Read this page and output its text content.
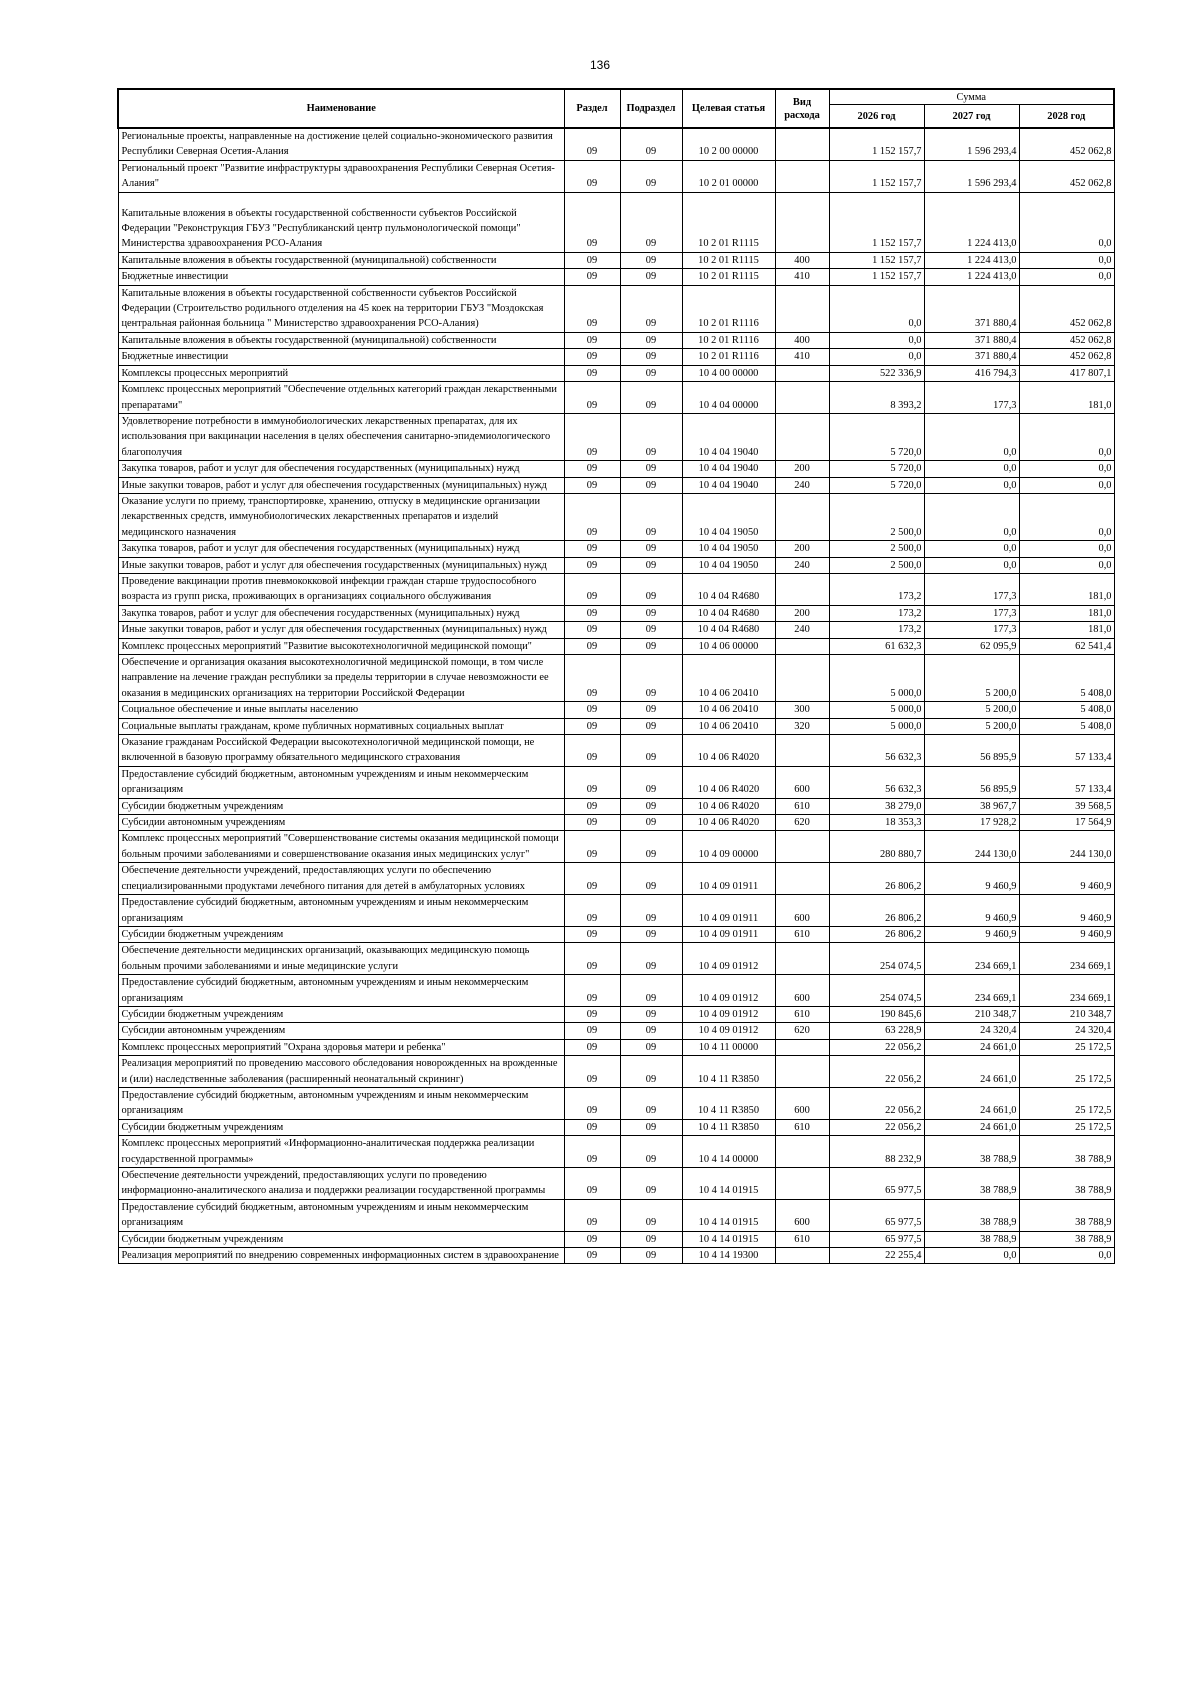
136
Наименование	Раздел	Подраздел	Целевая статья	Вид расхода	Сумма		
					2026 год	2027 год	2028 год
Региональные проекты, направленные на достижение целей социально-экономического развития Республики Северная Осетия-Алания	09	09	10 2 00 00000		1 152 157,7	1 596 293,4	452 062,8
Региональный проект "Развитие инфраструктуры здравоохранения Республики Северная Осетия-Алания"	09	09	10 2 01 00000		1 152 157,7	1 596 293,4	452 062,8
Капитальные вложения в объекты государственной собственности субъектов Российской Федерации "Реконструкция ГБУЗ "Республиканский центр пульмонологической помощи" Министерства здравоохранения РСО-Алания	09	09	10 2 01 R1115		1 152 157,7	1 224 413,0	0,0
Капитальные вложения в объекты государственной (муниципальной) собственности	09	09	10 2 01 R1115	400	1 152 157,7	1 224 413,0	0,0
Бюджетные инвестиции	09	09	10 2 01 R1115	410	1 152 157,7	1 224 413,0	0,0
Капитальные вложения в объекты государственной собственности субъектов Российской Федерации (Строительство родильного отделения на 45 коек на территории ГБУЗ "Моздокская центральная районная больница " Министерство здравоохранения РСО-Алания)	09	09	10 2 01 R1116		0,0	371 880,4	452 062,8
Капитальные вложения в объекты государственной (муниципальной) собственности	09	09	10 2 01 R1116	400	0,0	371 880,4	452 062,8
Бюджетные инвестиции	09	09	10 2 01 R1116	410	0,0	371 880,4	452 062,8
Комплексы процессных мероприятий	09	09	10 4 00 00000		522 336,9	416 794,3	417 807,1
Комплекс процессных мероприятий "Обеспечение отдельных категорий граждан лекарственными препаратами"	09	09	10 4 04 00000		8 393,2	177,3	181,0
Удовлетворение потребности в иммунобиологических лекарственных препаратах, для их использования при вакцинации населения в целях обеспечения санитарно-эпидемиологического благополучия	09	09	10 4 04 19040		5 720,0	0,0	0,0
Закупка товаров, работ и услуг для обеспечения государственных (муниципальных) нужд	09	09	10 4 04 19040	200	5 720,0	0,0	0,0
Иные закупки товаров, работ и услуг для обеспечения государственных (муниципальных) нужд	09	09	10 4 04 19040	240	5 720,0	0,0	0,0
Оказание услуги по приему, транспортировке, хранению, отпуску в медицинские организации лекарственных средств, иммунобиологических лекарственных препаратов и изделий медицинского назначения	09	09	10 4 04 19050		2 500,0	0,0	0,0
Закупка товаров, работ и услуг для обеспечения государственных (муниципальных) нужд	09	09	10 4 04 19050	200	2 500,0	0,0	0,0
Иные закупки товаров, работ и услуг для обеспечения государственных (муниципальных) нужд	09	09	10 4 04 19050	240	2 500,0	0,0	0,0
Проведение вакцинации против пневмококковой инфекции граждан старше трудоспособного возраста из групп риска, проживающих в организациях социального обслуживания	09	09	10 4 04 R4680		173,2	177,3	181,0
Закупка товаров, работ и услуг для обеспечения государственных (муниципальных) нужд	09	09	10 4 04 R4680	200	173,2	177,3	181,0
Иные закупки товаров, работ и услуг для обеспечения государственных (муниципальных) нужд	09	09	10 4 04 R4680	240	173,2	177,3	181,0
Комплекс процессных мероприятий "Развитие высокотехнологичной медицинской помощи"	09	09	10 4 06 00000		61 632,3	62 095,9	62 541,4
Обеспечение и организация оказания высокотехнологичной медицинской помощи, в том числе направление на лечение граждан республики за пределы территории в случае невозможности ее оказания в медицинских организациях на территории Российской Федерации	09	09	10 4 06 20410		5 000,0	5 200,0	5 408,0
Социальное обеспечение и иные выплаты населению	09	09	10 4 06 20410	300	5 000,0	5 200,0	5 408,0
Социальные выплаты гражданам, кроме публичных нормативных социальных выплат	09	09	10 4 06 20410	320	5 000,0	5 200,0	5 408,0
Оказание гражданам Российской Федерации высокотехнологичной медицинской помощи, не включенной в базовую программу обязательного медицинского страхования	09	09	10 4 06 R4020		56 632,3	56 895,9	57 133,4
Предоставление субсидий бюджетным, автономным учреждениям и иным некоммерческим организациям	09	09	10 4 06 R4020	600	56 632,3	56 895,9	57 133,4
Субсидии бюджетным учреждениям	09	09	10 4 06 R4020	610	38 279,0	38 967,7	39 568,5
Субсидии автономным учреждениям	09	09	10 4 06 R4020	620	18 353,3	17 928,2	17 564,9
Комплекс процессных мероприятий "Совершенствование системы оказания медицинской помощи больным прочими заболеваниями и совершенствование оказания иных медицинских услуг"	09	09	10 4 09 00000		280 880,7	244 130,0	244 130,0
Обеспечение деятельности учреждений, предоставляющих услуги по обеспечению специализированными продуктами лечебного питания для детей в амбулаторных условиях	09	09	10 4 09 01911		26 806,2	9 460,9	9 460,9
Предоставление субсидий бюджетным, автономным учреждениям и иным некоммерческим организациям	09	09	10 4 09 01911	600	26 806,2	9 460,9	9 460,9
Субсидии бюджетным учреждениям	09	09	10 4 09 01911	610	26 806,2	9 460,9	9 460,9
Обеспечение деятельности медицинских организаций, оказывающих медицинскую помощь больным прочими заболеваниями и иные медицинские услуги	09	09	10 4 09 01912		254 074,5	234 669,1	234 669,1
Предоставление субсидий бюджетным, автономным учреждениям и иным некоммерческим организациям	09	09	10 4 09 01912	600	254 074,5	234 669,1	234 669,1
Субсидии бюджетным учреждениям	09	09	10 4 09 01912	610	190 845,6	210 348,7	210 348,7
Субсидии автономным учреждениям	09	09	10 4 09 01912	620	63 228,9	24 320,4	24 320,4
Комплекс процессных мероприятий "Охрана здоровья матери и ребенка"	09	09	10 4 11 00000		22 056,2	24 661,0	25 172,5
Реализация мероприятий по проведению массового обследования новорожденных на врожденные и (или) наследственные заболевания (расширенный неонатальный скрининг)	09	09	10 4 11 R3850		22 056,2	24 661,0	25 172,5
Предоставление субсидий бюджетным, автономным учреждениям и иным некоммерческим организациям	09	09	10 4 11 R3850	600	22 056,2	24 661,0	25 172,5
Субсидии бюджетным учреждениям	09	09	10 4 11 R3850	610	22 056,2	24 661,0	25 172,5
Комплекс процессных мероприятий «Информационно-аналитическая поддержка реализации государственной программы»	09	09	10 4 14 00000		88 232,9	38 788,9	38 788,9
Обеспечение деятельности учреждений, предоставляющих услуги по проведению информационно-аналитического анализа и поддержки реализации государственной программы	09	09	10 4 14 01915		65 977,5	38 788,9	38 788,9
Предоставление субсидий бюджетным, автономным учреждениям и иным некоммерческим организациям	09	09	10 4 14 01915	600	65 977,5	38 788,9	38 788,9
Субсидии бюджетным учреждениям	09	09	10 4 14 01915	610	65 977,5	38 788,9	38 788,9
Реализация мероприятий по внедрению современных информационных систем в здравоохранение	09	09	10 4 14 19300		22 255,4	0,0	0,0
